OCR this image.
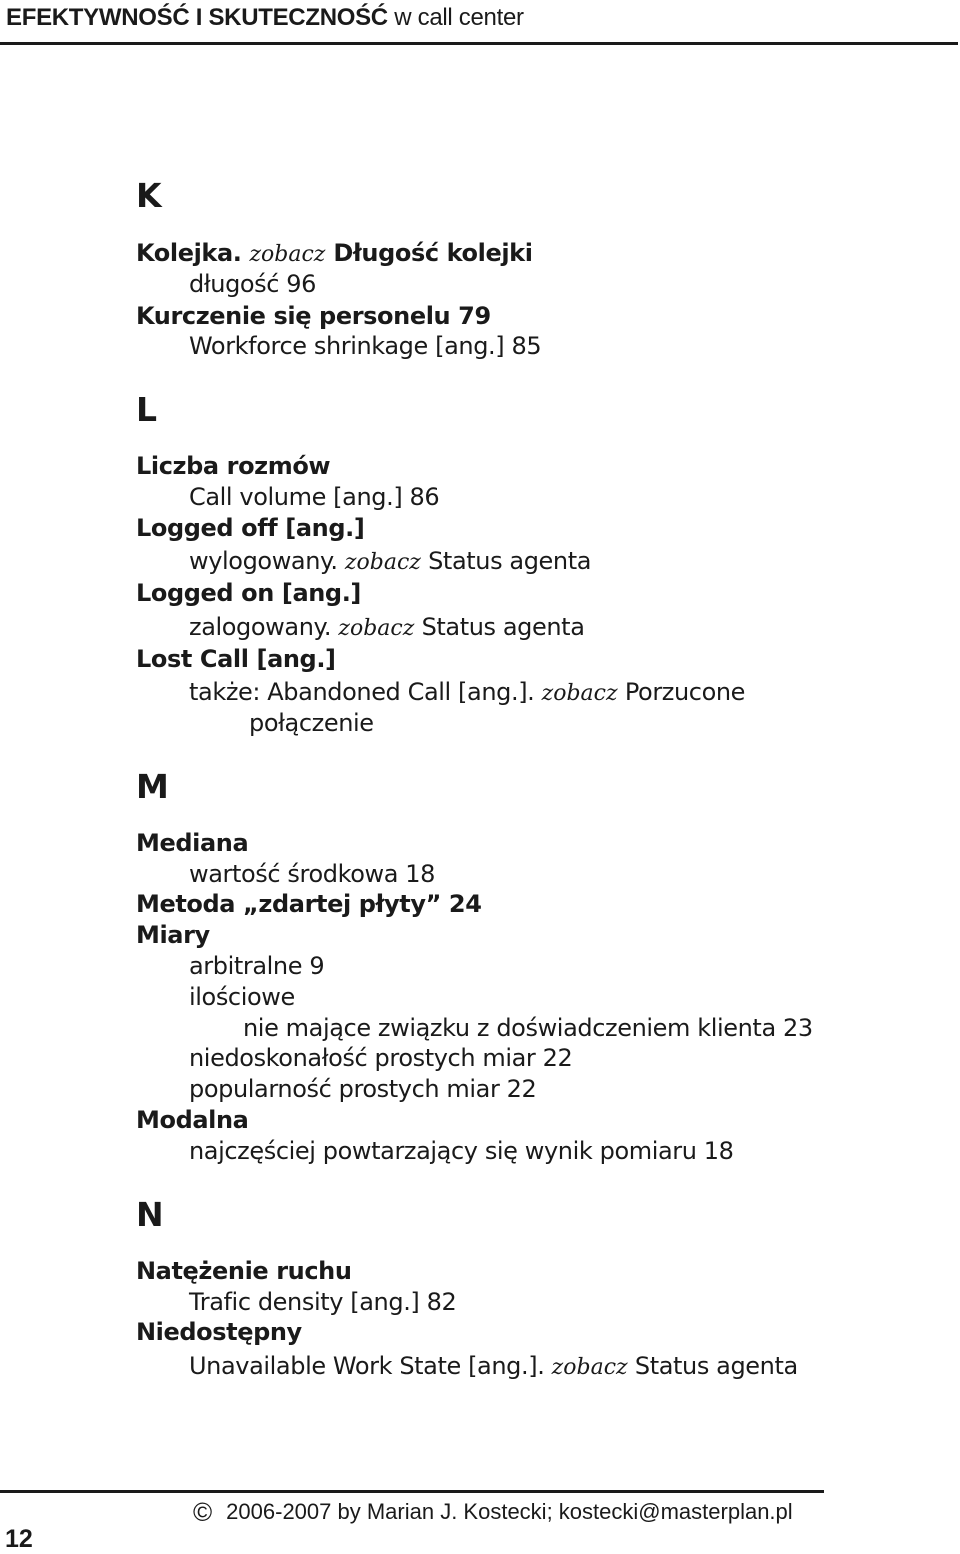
EFEKTYWNOŚĆ I SKUTECZNOŚĆ w call center
K
Kolejka. zobacz Długość kolejki
długość 96
Kurczenie się personelu 79
Workforce shrinkage [ang.] 85
L
Liczba rozmów
Call volume [ang.] 86
Logged off [ang.]
wylogowany. zobacz Status agenta
Logged on [ang.]
zalogowany. zobacz Status agenta
Lost Call [ang.]
także: Abandoned Call [ang.]. zobacz Porzucone
połączenie
M
Mediana
wartość środkowa 18
Metoda „zdartej płyty” 24
Miary
arbitralne 9
ilościowe
nie mające związku z doświadczeniem klienta 23
niedoskonałość prostych miar 22
popularność prostych miar 22
Modalna
najczęściej powtarzający się wynik pomiaru 18
N
Natężenie ruchu
Trafic density [ang.] 82
Niedostępny
Unavailable Work State [ang.]. zobacz Status agenta
© 2006-2007 by Marian J. Kostecki; kostecki@masterplan.pl
12
